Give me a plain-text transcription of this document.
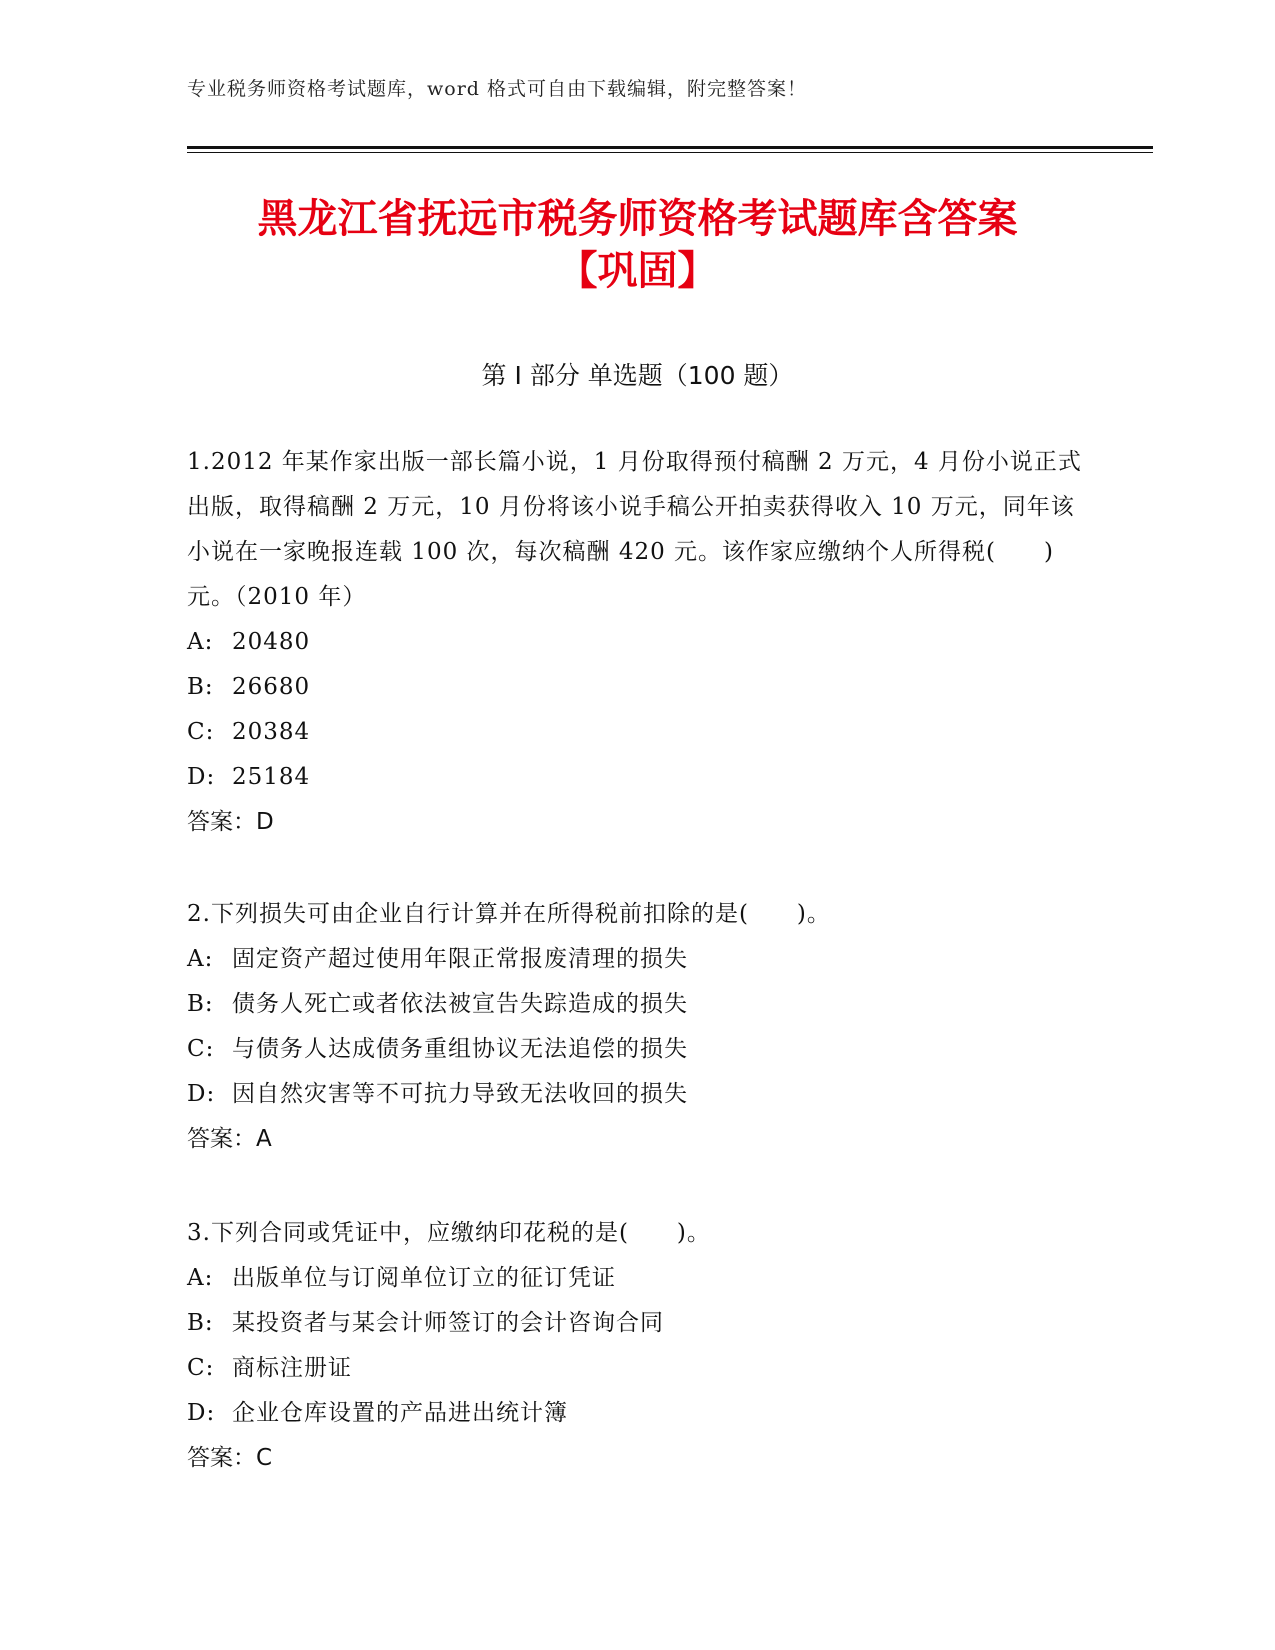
专业税务师资格考试题库，word 格式可自由下载编辑，附完整答案！
黑龙江省抚远市税务师资格考试题库含答案
【巩固】
第 I 部分 单选题（100 题）

1.2012 年某作家出版一部长篇小说，1 月份取得预付稿酬 2 万元，4 月份小说正式出版，取得稿酬 2 万元，10 月份将该小说手稿公开拍卖获得收入 10 万元，同年该小说在一家晚报连载 100 次，每次稿酬 420 元。该作家应缴纳个人所得税(　　)元。（2010 年）

A: 20480

B: 26680

C: 20384

D: 25184

答案：D

2.下列损失可由企业自行计算并在所得税前扣除的是(　　)。

A: 固定资产超过使用年限正常报废清理的损失

B: 债务人死亡或者依法被宣告失踪造成的损失

C: 与债务人达成债务重组协议无法追偿的损失

D: 因自然灾害等不可抗力导致无法收回的损失

答案：A

3.下列合同或凭证中，应缴纳印花税的是(　　)。

A: 出版单位与订阅单位订立的征订凭证

B: 某投资者与某会计师签订的会计咨询合同

C: 商标注册证

D: 企业仓库设置的产品进出统计簿

答案：C
